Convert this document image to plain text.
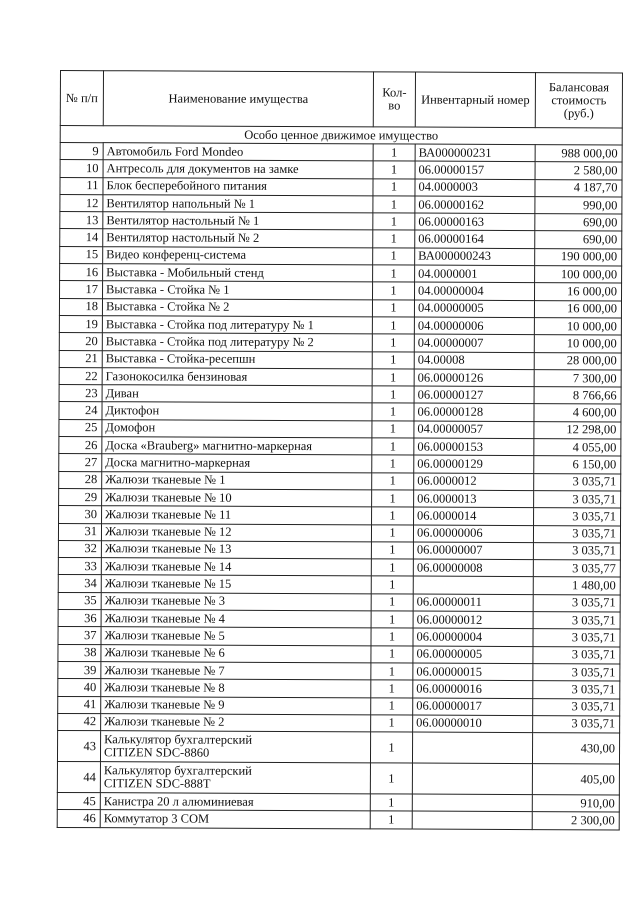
№ п/п	Наименование имущества	Кол-во	Инвентарный номер	Балансовая стоимость (руб.)
Особо ценное движимое имущество				
9	Автомобиль Ford Mondeo	1	ВА000000231	988 000,00
10	Антресоль для документов на замке	1	06.00000157	2 580,00
11	Блок бесперебойного питания	1	04.0000003	4 187,70
12	Вентилятор напольный № 1	1	06.00000162	990,00
13	Вентилятор настольный № 1	1	06.00000163	690,00
14	Вентилятор настольный № 2	1	06.00000164	690,00
15	Видео конференц-система	1	ВА000000243	190 000,00
16	Выставка - Мобильный стенд	1	04.0000001	100 000,00
17	Выставка - Стойка № 1	1	04.00000004	16 000,00
18	Выставка - Стойка № 2	1	04.00000005	16 000,00
19	Выставка - Стойка под литературу № 1	1	04.00000006	10 000,00
20	Выставка - Стойка под литературу № 2	1	04.00000007	10 000,00
21	Выставка - Стойка-ресепшн	1	04.00008	28 000,00
22	Газонокосилка бензиновая	1	06.00000126	7 300,00
23	Диван	1	06.00000127	8 766,66
24	Диктофон	1	06.00000128	4 600,00
25	Домофон	1	04.00000057	12 298,00
26	Доска «Brauberg» магнитно-маркерная	1	06.00000153	4 055,00
27	Доска магнитно-маркерная	1	06.00000129	6 150,00
28	Жалюзи тканевые № 1	1	06.0000012	3 035,71
29	Жалюзи тканевые № 10	1	06.0000013	3 035,71
30	Жалюзи тканевые № 11	1	06.0000014	3 035,71
31	Жалюзи тканевые № 12	1	06.00000006	3 035,71
32	Жалюзи тканевые № 13	1	06.00000007	3 035,71
33	Жалюзи тканевые № 14	1	06.00000008	3 035,77
34	Жалюзи тканевые № 15	1		1 480,00
35	Жалюзи тканевые № 3	1	06.00000011	3 035,71
36	Жалюзи тканевые № 4	1	06.00000012	3 035,71
37	Жалюзи тканевые № 5	1	06.00000004	3 035,71
38	Жалюзи тканевые № 6	1	06.00000005	3 035,71
39	Жалюзи тканевые № 7	1	06.00000015	3 035,71
40	Жалюзи тканевые № 8	1	06.00000016	3 035,71
41	Жалюзи тканевые № 9	1	06.00000017	3 035,71
42	Жалюзи тканевые № 2	1	06.00000010	3 035,71
43	Калькулятор бухгалтерский
CITIZEN SDC-8860	1		430,00
44	Калькулятор бухгалтерский
CITIZEN SDC-888T	1		405,00
45	Канистра 20 л алюминиевая	1		910,00
46	Коммутатор 3 COM	1		2 300,00
